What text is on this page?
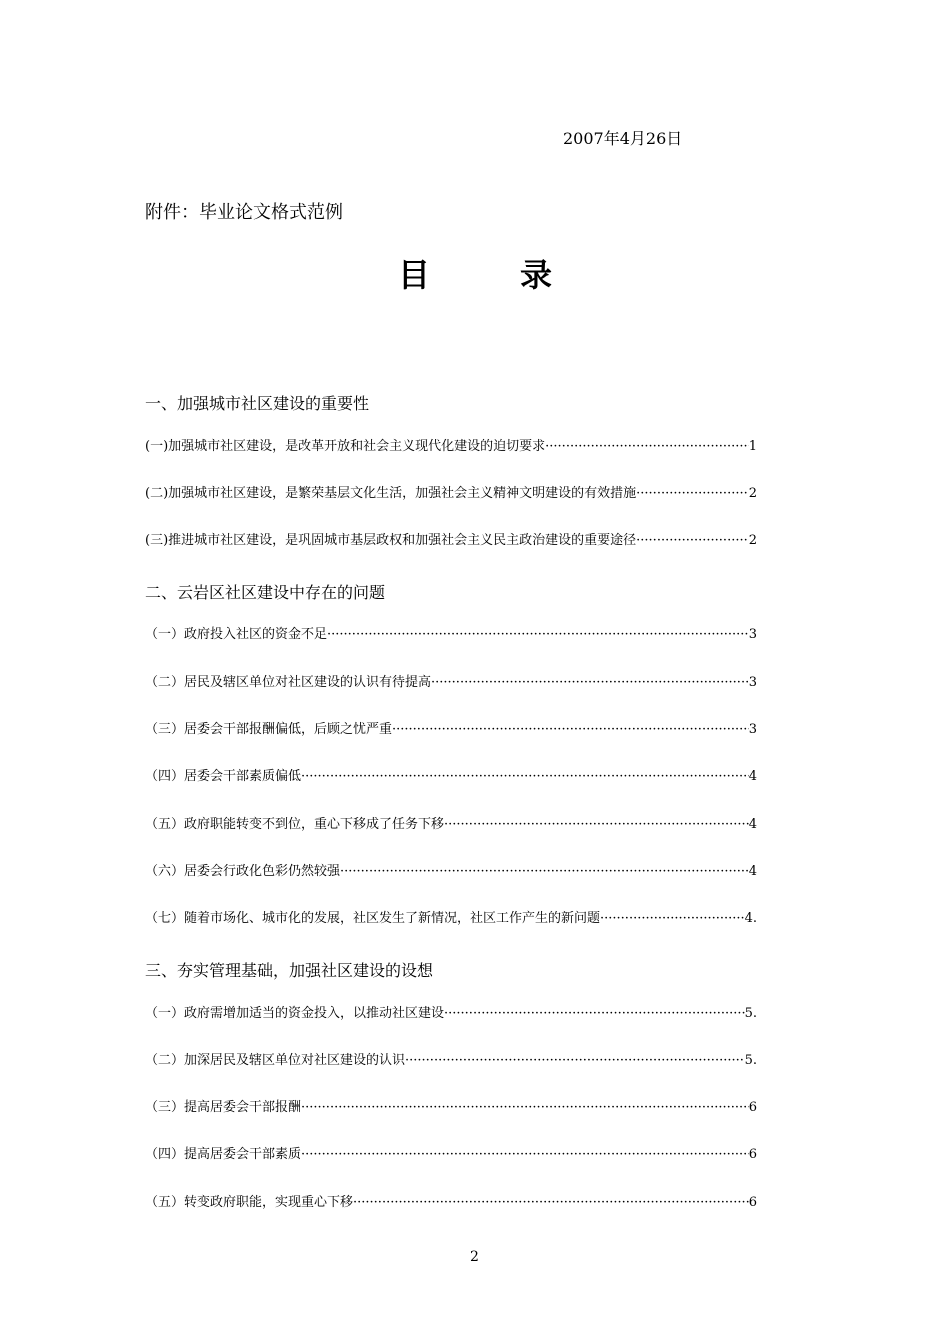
2007年4月26日
附件：毕业论文格式范例
目录
一、加强城市社区建设的重要性
(一)加强城市社区建设，是改革开放和社会主义现代化建设的迫切要求 ·····	1
(二)加强城市社区建设，是繁荣基层文化生活，加强社会主义精神文明建设的有效措施 ·····	2
(三)推进城市社区建设，是巩固城市基层政权和加强社会主义民主政治建设的重要途径 ·····	2
二、云岩区社区建设中存在的问题
（一）政府投入社区的资金不足 ·····	3
（二）居民及辖区单位对社区建设的认识有待提高 ·····	3
（三）居委会干部报酬偏低，后顾之忧严重 ·····	3
（四）居委会干部素质偏低 ·····	4
（五）政府职能转变不到位，重心下移成了任务下移 ·····	4
（六）居委会行政化色彩仍然较强 ·····	4
（七）随着市场化、城市化的发展，社区发生了新情况，社区工作产生的新问题 ·····	4.
三、夯实管理基础，加强社区建设的设想
（一）政府需增加适当的资金投入，以推动社区建设 ·····	5.
（二）加深居民及辖区单位对社区建设的认识 ·····	5.
（三）提高居委会干部报酬 ·····	6
（四）提高居委会干部素质 ·····	6
（五）转变政府职能，实现重心下移 ·····	6
2
